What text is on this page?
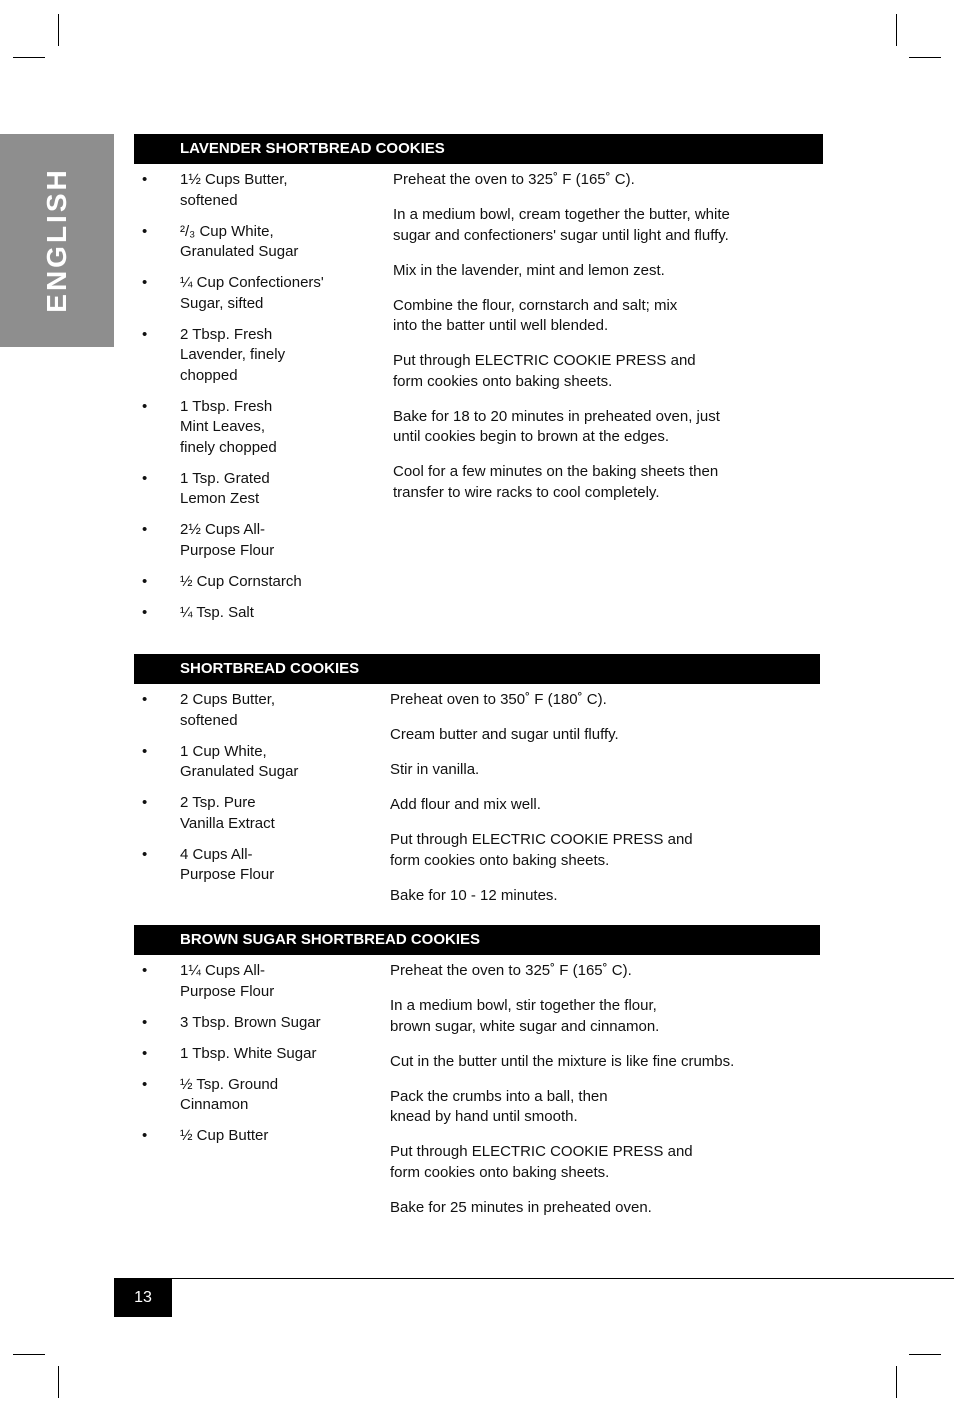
ENGLISH
LAVENDER SHORTBREAD COOKIES
• 1½ Cups Butter,
softened
• ²/₃ Cup White,
Granulated Sugar
• ¼ Cup Confectioners'
Sugar, sifted
• 2 Tbsp. Fresh
Lavender, finely
chopped
• 1 Tbsp. Fresh
Mint Leaves,
finely chopped
• 1 Tsp. Grated
Lemon Zest
• 2½ Cups All-
Purpose Flour
• ½ Cup Cornstarch
• ¼ Tsp. Salt
Preheat the oven to 325˚ F (165˚ C).
In a medium bowl, cream together the butter, white
sugar and confectioners' sugar until light and fluffy.
Mix in the lavender, mint and lemon zest.
Combine the flour, cornstarch and salt; mix
into the batter until well blended.
Put through ELECTRIC COOKIE PRESS and
form cookies onto baking sheets.
Bake for 18 to 20 minutes in preheated oven, just
until cookies begin to brown at the edges.
Cool for a few minutes on the baking sheets then
transfer to wire racks to cool completely.
SHORTBREAD COOKIES
• 2 Cups Butter,
softened
• 1 Cup White,
Granulated Sugar
• 2 Tsp. Pure
Vanilla Extract
• 4 Cups All-
Purpose Flour
Preheat oven to 350˚ F (180˚ C).
Cream butter and sugar until fluffy.
Stir in vanilla.
Add flour and mix well.
Put through ELECTRIC COOKIE PRESS and
form cookies onto baking sheets.
Bake for 10 - 12 minutes.
BROWN SUGAR SHORTBREAD COOKIES
• 1¼ Cups All-
Purpose Flour
• 3 Tbsp. Brown Sugar
• 1 Tbsp. White Sugar
• ½ Tsp. Ground
Cinnamon
• ½ Cup Butter
Preheat the oven to 325˚ F (165˚ C).
In a medium bowl, stir together the flour,
brown sugar, white sugar and cinnamon.
Cut in the butter until the mixture is like fine crumbs.
Pack the crumbs into a ball, then
knead by hand until smooth.
Put through ELECTRIC COOKIE PRESS and
form cookies onto baking sheets.
Bake for 25 minutes in preheated oven.
13
